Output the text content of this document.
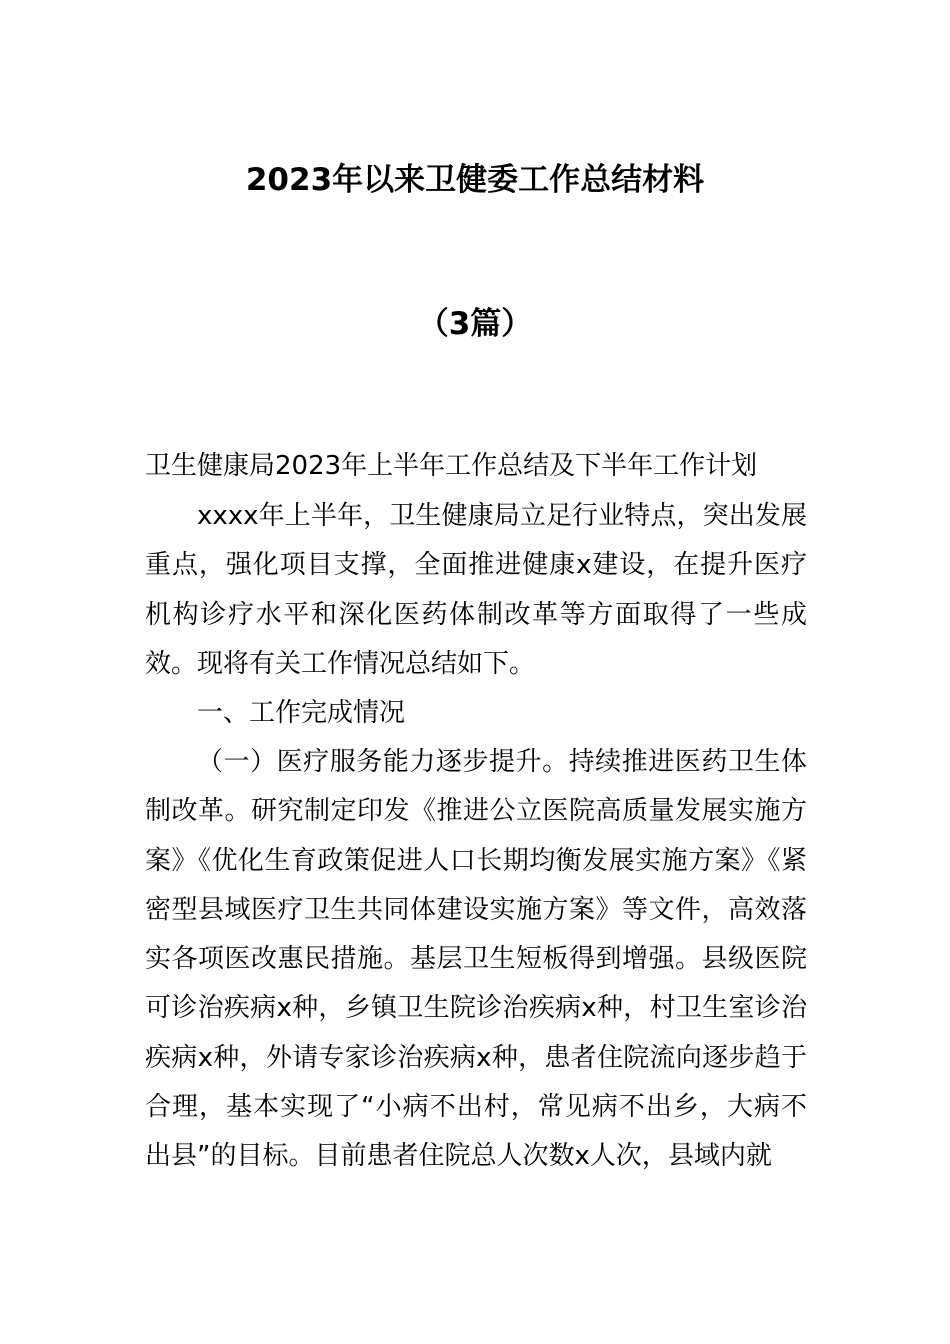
2023年以来卫健委工作总结材料
（3篇）

卫生健康局2023年上半年工作总结及下半年工作计划

xxxx年上半年，卫生健康局立足行业特点，突出发展重点，强化项目支撑，全面推进健康x建设，在提升医疗机构诊疗水平和深化医药体制改革等方面取得了一些成效。现将有关工作情况总结如下。

一、工作完成情况

（一）医疗服务能力逐步提升。持续推进医药卫生体制改革。研究制定印发《推进公立医院高质量发展实施方案》《优化生育政策促进人口长期均衡发展实施方案》《紧密型县域医疗卫生共同体建设实施方案》等文件，高效落实各项医改惠民措施。基层卫生短板得到增强。县级医院可诊治疾病x种，乡镇卫生院诊治疾病x种，村卫生室诊治疾病x种，外请专家诊治疾病x种，患者住院流向逐步趋于合理，基本实现了“小病不出村，常见病不出乡，大病不出县”的目标。目前患者住院总人次数x人次，县域内就
